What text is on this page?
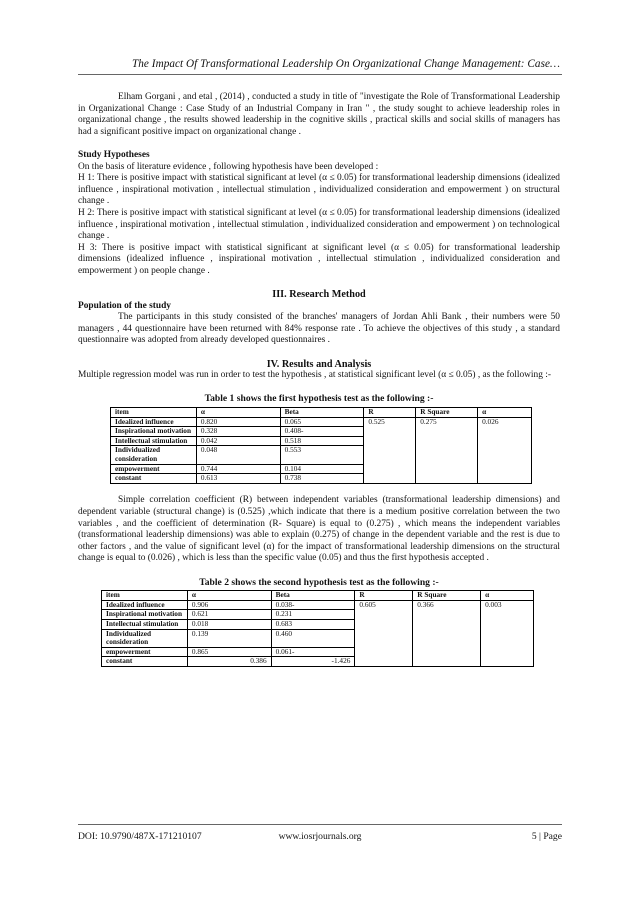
The Impact Of Transformational Leadership On Organizational Change Management: Case…

Elham Gorgani , and etal , (2014) , conducted a study in title of "investigate the Role of Transformational Leadership in Organizational Change : Case Study of an Industrial Company in Iran " , the study sought to achieve leadership roles in organizational change , the results showed leadership in the cognitive skills , practical skills and social skills of managers has had a significant positive impact on organizational change .

Study Hypotheses

On the basis of literature evidence , following hypothesis have been developed :

H 1: There is positive impact with statistical significant at level (α ≤ 0.05) for transformational leadership dimensions (idealized influence , inspirational motivation , intellectual stimulation , individualized consideration and empowerment ) on structural change .

H 2: There is positive impact with statistical significant at level (α ≤ 0.05) for transformational leadership dimensions (idealized influence , inspirational motivation , intellectual stimulation , individualized consideration and empowerment ) on technological change .

H 3: There is positive impact with statistical significant at significant level (α ≤ 0.05) for transformational leadership dimensions (idealized influence , inspirational motivation , intellectual stimulation , individualized consideration and empowerment ) on people change .

III. Research Method

Population of the study

The participants in this study consisted of the branches' managers of Jordan Ahli Bank , their numbers were 50 managers , 44 questionnaire have been returned with 84% response rate . To achieve the objectives of this study , a standard questionnaire was adopted from already developed questionnaires .

IV. Results and Analysis

Multiple regression model was run in order to test the hypothesis , at statistical significant level (α ≤ 0.05) , as the following :-

Table 1 shows the first hypothesis test as the following :-

item	α	Beta	R	R Square	α
Idealized influence	0.820	0.065	0.525	0.275	0.026
Inspirational motivation	0.328	0.408-			
Intellectual stimulation	0.042	0.518			
Individualized consideration	0.048	0.553			
empowerment	0.744	0.104			
constant	0.613	0.738			

Simple correlation coefficient (R) between independent variables (transformational leadership dimensions) and dependent variable (structural change) is (0.525) ,which indicate that there is a medium positive correlation between the two variables , and the coefficient of determination (R- Square) is equal to (0.275) , which means the independent variables (transformational leadership dimensions) was able to explain (0.275) of change in the dependent variable and the rest is due to other factors , and the value of significant level (α) for the impact of transformational leadership dimensions on the structural change is equal to (0.026) , which is less than the specific value (0.05) and thus the first hypothesis accepted .

Table 2 shows the second hypothesis test as the following :-

item	α	Beta	R	R Square	α
Idealized influence	0.906	0.038-	0.605	0.366	0.003
Inspirational motivation	0.621	0.231			
Intellectual stimulation	0.018	0.683			
Individualized consideration	0.139	0.460			
empowerment	0.865	0.061-			
constant	0.386	-1.426			
DOI: 10.9790/487X-171210107	www.iosrjournals.org	5 | Page
